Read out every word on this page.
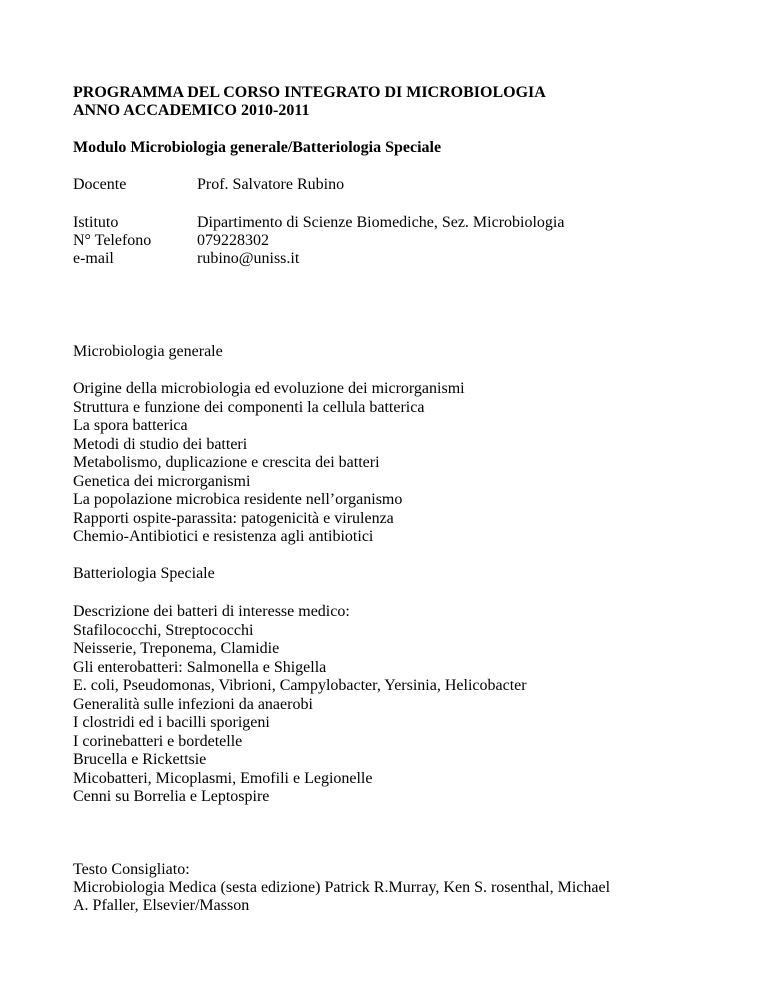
PROGRAMMA DEL CORSO INTEGRATO DI MICROBIOLOGIA
ANNO ACCADEMICO 2010-2011
Modulo Microbiologia generale/Batteriologia Speciale
Docente	Prof. Salvatore Rubino
Istituto	Dipartimento di Scienze Biomediche, Sez. Microbiologia
N° Telefono	079228302
e-mail	rubino@uniss.it
Microbiologia generale
Origine della microbiologia ed evoluzione dei microrganismi
Struttura e funzione dei componenti la cellula batterica
La spora batterica
Metodi di studio dei batteri
Metabolismo, duplicazione e crescita dei batteri
Genetica dei microrganismi
La popolazione microbica residente nell’organismo
Rapporti ospite-parassita: patogenicità e virulenza
Chemio-Antibiotici e resistenza agli antibiotici
Batteriologia Speciale
Descrizione dei batteri di interesse medico:
Stafilococchi, Streptococchi
Neisserie, Treponema, Clamidie
Gli enterobatteri: Salmonella e Shigella
E. coli, Pseudomonas, Vibrioni, Campylobacter, Yersinia, Helicobacter
Generalità sulle infezioni da anaerobi
I clostridi ed i bacilli sporigeni
I corinebatteri e bordetelle
Brucella e Rickettsie
Micobatteri, Micoplasmi, Emofili e Legionelle
Cenni su Borrelia e Leptospire
Testo Consigliato:
Microbiologia Medica (sesta edizione) Patrick R.Murray, Ken S. rosenthal, Michael
A. Pfaller, Elsevier/Masson
